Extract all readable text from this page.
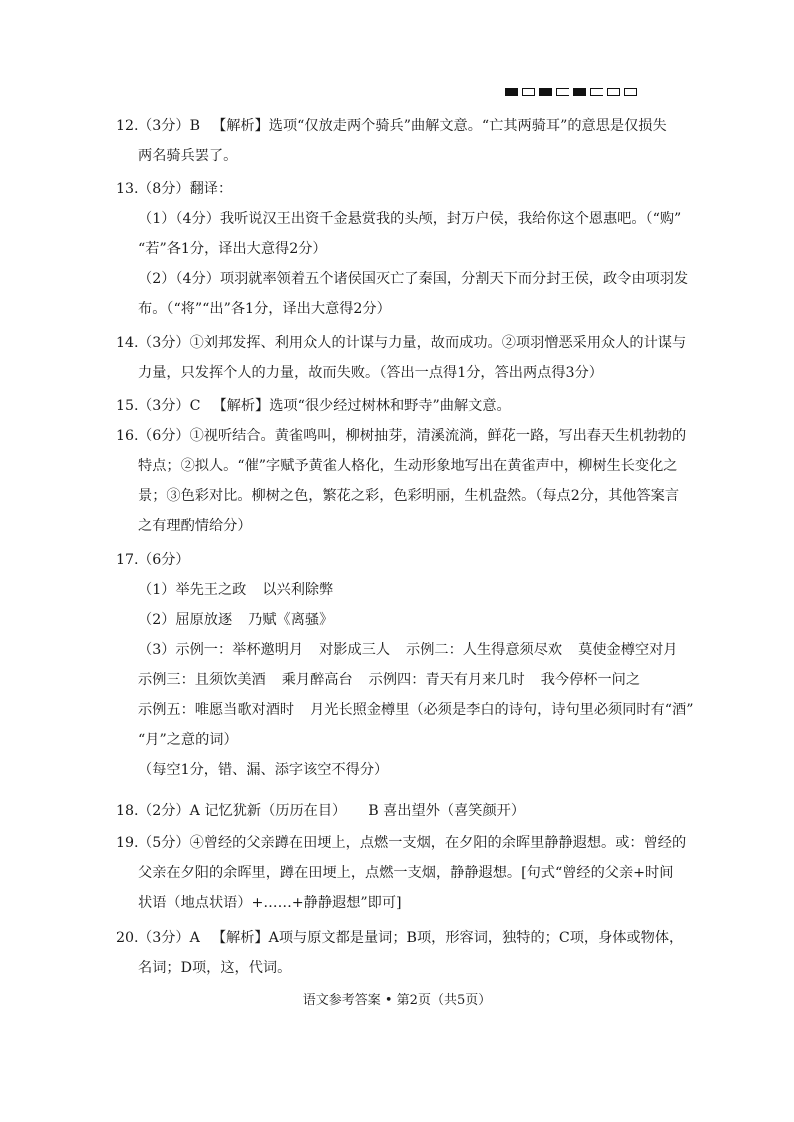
12.（3分）B 【解析】选项“仅放走两个骑兵”曲解文意。“亡其两骑耳”的意思是仅损失
两名骑兵罢了。
13.（8分）翻译：
（1）（4分）我听说汉王出资千金悬赏我的头颅，封万户侯，我给你这个恩惠吧。（“购”
“若”各1分，译出大意得2分）
（2）（4分）项羽就率领着五个诸侯国灭亡了秦国，分割天下而分封王侯，政令由项羽发
布。（“将”“出”各1分，译出大意得2分）
14.（3分）①刘邦发挥、利用众人的计谋与力量，故而成功。②项羽憎恶采用众人的计谋与
力量，只发挥个人的力量，故而失败。（答出一点得1分，答出两点得3分）
15.（3分）C 【解析】选项“很少经过树林和野寺”曲解文意。
16.（6分）①视听结合。黄雀鸣叫，柳树抽芽，清溪流淌，鲜花一路，写出春天生机勃勃的
特点；②拟人。“催”字赋予黄雀人格化，生动形象地写出在黄雀声中，柳树生长变化之
景；③色彩对比。柳树之色，繁花之彩，色彩明丽，生机盎然。（每点2分，其他答案言
之有理酌情给分）
17.（6分）
（1）举先王之政 以兴利除弊
（2）屈原放逐 乃赋《离骚》
（3）示例一：举杯邀明月 对影成三人 示例二：人生得意须尽欢 莫使金樽空对月
示例三：且须饮美酒 乘月醉高台 示例四：青天有月来几时 我今停杯一问之
示例五：唯愿当歌对酒时 月光长照金樽里（必须是李白的诗句，诗句里必须同时有“酒”
“月”之意的词）
（每空1分，错、漏、添字该空不得分）
18.（2分）A 记忆犹新（历历在目） B 喜出望外（喜笑颜开）
19.（5分）④曾经的父亲蹲在田埂上，点燃一支烟，在夕阳的余晖里静静遐想。或：曾经的
父亲在夕阳的余晖里，蹲在田埂上，点燃一支烟，静静遐想。[句式“曾经的父亲+时间
状语（地点状语）+……+静静遐想”即可]
20.（3分）A 【解析】A项与原文都是量词；B项，形容词，独特的；C项，身体或物体，
名词；D项，这，代词。
语文参考答案 • 第2页（共5页）
